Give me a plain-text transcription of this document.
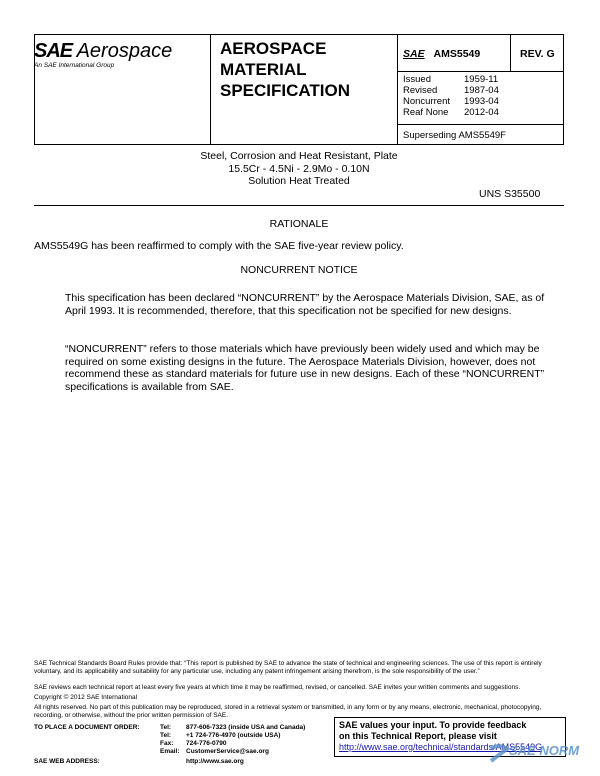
SAE Aerospace
An SAE International Group
AEROSPACE
MATERIAL
SPECIFICATION
SAE AMS5549	REV. G
Issued	1959-11
Revised	1987-04
Noncurrent	1993-04
Reaf None	2012-04
Superseding AMS5549F
Steel, Corrosion and Heat Resistant, Plate
15.5Cr - 4.5Ni - 2.9Mo - 0.10N
Solution Heat Treated
UNS S35500
RATIONALE
AMS5549G has been reaffirmed to comply with the SAE five-year review policy.
NONCURRENT NOTICE
This specification has been declared “NONCURRENT” by the Aerospace Materials Division, SAE, as of April 1993. It is recommended, therefore, that this specification not be specified for new designs.
“NONCURRENT” refers to those materials which have previously been widely used and which may be required on some existing designs in the future. The Aerospace Materials Division, however, does not recommend these as standard materials for future use in new designs. Each of these “NONCURRENT” specifications is available from SAE.
SAE Technical Standards Board Rules provide that: “This report is published by SAE to advance the state of technical and engineering sciences. The use of this report is entirely voluntary, and its applicability and suitability for any particular use, including any patent infringement arising therefrom, is the sole responsibility of the user.”
SAE reviews each technical report at least every five years at which time it may be reaffirmed, revised, or cancelled. SAE invites your written comments and suggestions.
Copyright © 2012 SAE International
All rights reserved. No part of this publication may be reproduced, stored in a retrieval system or transmitted, in any form or by any means, electronic, mechanical, photocopying, recording, or otherwise, without the prior written permission of SAE.
TO PLACE A DOCUMENT ORDER:	Tel:	877-606-7323 (inside USA and Canada)
Tel:	+1 724-776-4970 (outside USA)
Fax:	724-776-0790
Email: CustomerService@sae.org
SAE WEB ADDRESS:	http://www.sae.org
SAE values your input. To provide feedback
on this Technical Report, please visit
http://www.sae.org/technical/standards/AMS5549G
SAE NORM
